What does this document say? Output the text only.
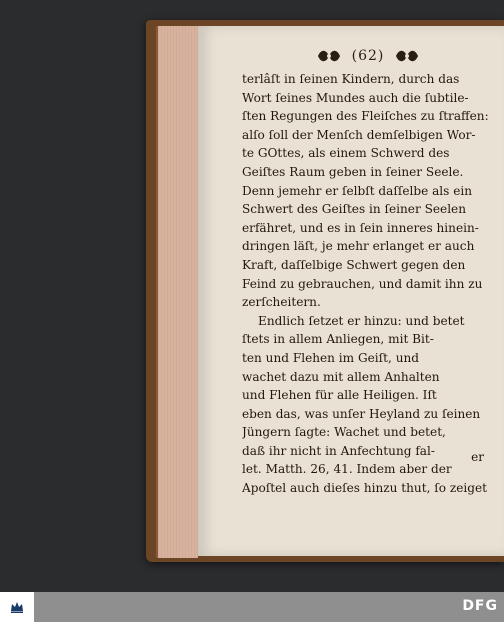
(62)
terlâſt in ſeinen Kindern, durch das
Wort ſeines Mundes auch die ſubtile-
ſten Regungen des Fleiſches zu ſtraffen:
alſo ſoll der Menſch demſelbigen Wor-
te GOttes, als einem Schwerd des
Geiſtes Raum geben in ſeiner Seele.
Denn jemehr er ſelbſt daſſelbe als ein
Schwert des Geiſtes in ſeiner Seelen
erfähret, und es in ſein inneres hinein-
dringen läſt, je mehr erlanget er auch
Kraft, daſſelbige Schwert gegen den
Feind zu gebrauchen, und damit ihn zu
zerſcheitern.
Endlich ſetzet er hinzu: und betet
ſtets in allem Anliegen, mit Bit-
ten und Flehen im Geiſt, und
wachet dazu mit allem Anhalten
und Flehen für alle Heiligen. Iſt
eben das, was unſer Heyland zu ſeinen
Jüngern ſagte: Wachet und betet,
daß ihr nicht in Anfechtung fal-
let. Matth. 26, 41. Indem aber der
Apoſtel auch dieſes hinzu thut, ſo zeiget
er
DFG
